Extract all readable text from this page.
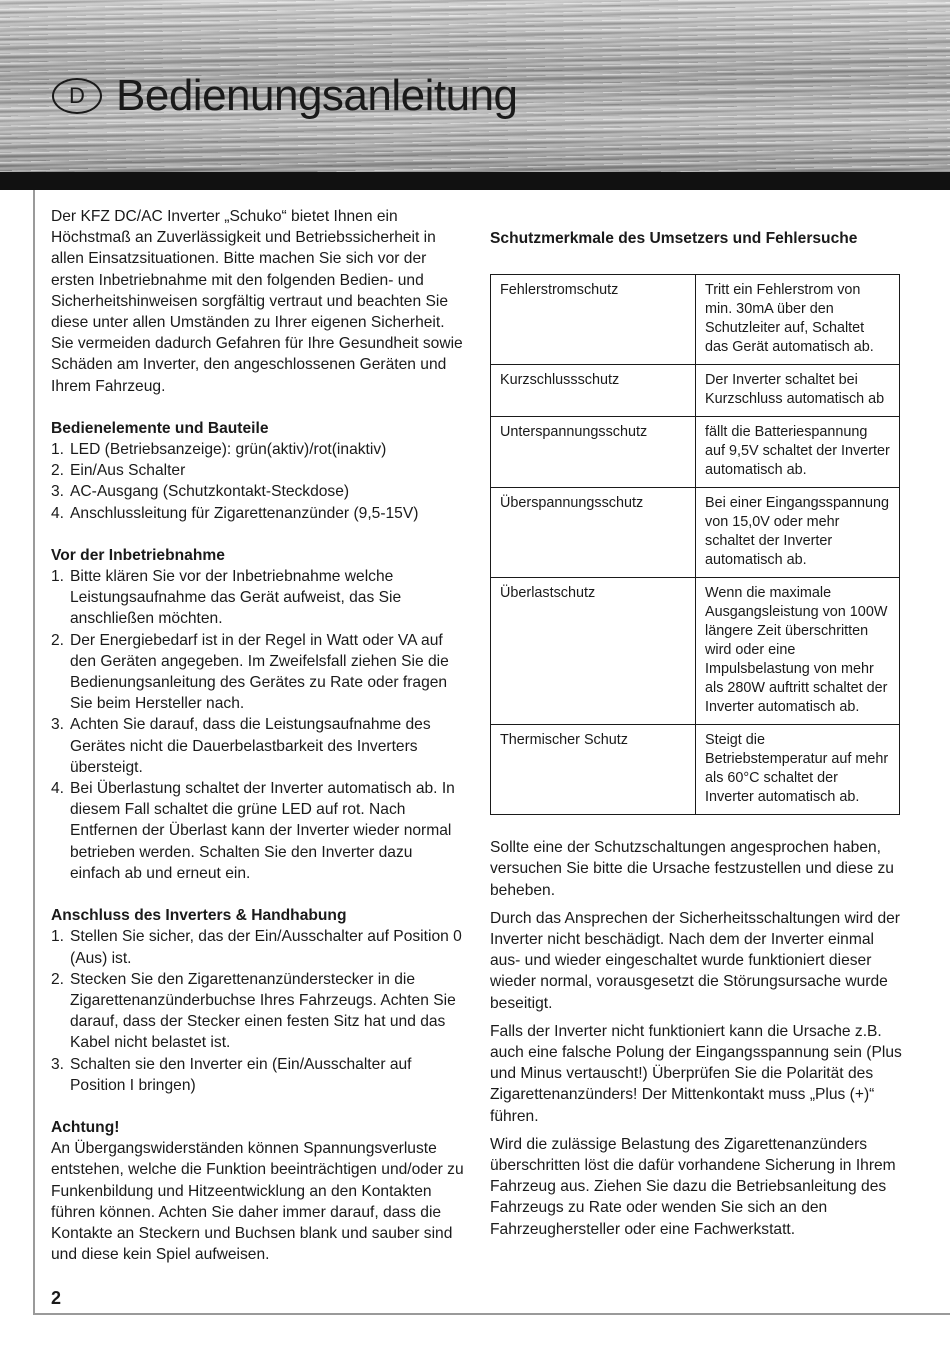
D Bedienungsanleitung

Der KFZ DC/AC Inverter „Schuko“ bietet Ihnen ein Höchstmaß an Zuverlässigkeit und Betriebssicherheit in allen Einsatzsituationen. Bitte machen Sie sich vor der ersten Inbetriebnahme mit den folgenden Bedien- und Sicherheitshinweisen sorgfältig vertraut und beachten Sie diese unter allen Umständen zu Ihrer eigenen Sicherheit. Sie vermeiden dadurch Gefahren für Ihre Gesundheit sowie Schäden am Inverter, den angeschlossenen Geräten und Ihrem Fahrzeug.

Bedienelemente und Bauteile
1. LED (Betriebsanzeige): grün(aktiv)/rot(inaktiv)
2. Ein/Aus Schalter
3. AC-Ausgang (Schutzkontakt-Steckdose)
4. Anschlussleitung für Zigarettenanzünder (9,5-15V)
Vor der Inbetriebnahme
1. Bitte klären Sie vor der Inbetriebnahme welche Leistungsaufnahme das Gerät aufweist, das Sie anschließen möchten.
2. Der Energiebedarf ist in der Regel in Watt oder VA auf den Geräten angegeben. Im Zweifelsfall ziehen Sie die Bedienungsanleitung des Gerätes zu Rate oder fragen Sie beim Hersteller nach.
3. Achten Sie darauf, dass die Leistungsaufnahme des Gerätes nicht die Dauerbelastbarkeit des Inverters übersteigt.
4. Bei Überlastung schaltet der Inverter automatisch ab. In diesem Fall schaltet die grüne LED auf rot. Nach Entfernen der Überlast kann der Inverter wieder normal betrieben werden. Schalten Sie den Inverter dazu einfach ab und erneut ein.
Anschluss des Inverters & Handhabung
1. Stellen Sie sicher, das der Ein/Ausschalter auf Position 0 (Aus) ist.
2. Stecken Sie den Zigarettenanzünderstecker in die Zigarettenanzünderbuchse Ihres Fahrzeugs. Achten Sie darauf, dass der Stecker einen festen Sitz hat und das Kabel nicht belastet ist.
3. Schalten sie den Inverter ein (Ein/Ausschalter auf Position I bringen)
Achtung!

An Übergangswiderständen können Spannungsverluste entstehen, welche die Funktion beeinträchtigen und/oder zu Funkenbildung und Hitzeentwicklung an den Kontakten führen können. Achten Sie daher immer darauf, dass die Kontakte an Steckern und Buchsen blank und sauber sind und diese kein Spiel aufweisen.

Schutzmerkmale des Umsetzers und Fehlersuche
Fehlerstromschutz	Tritt ein Fehlerstrom von min. 30mA über den Schutzleiter auf, Schaltet das Gerät automatisch ab.
Kurzschlussschutz	Der Inverter schaltet bei Kurzschluss automatisch ab
Unterspannungsschutz	fällt die Batteriespannung auf 9,5V schaltet der Inverter automatisch ab.
Überspannungsschutz	Bei einer Eingangsspannung von 15,0V oder mehr schaltet der Inverter automatisch ab.
Überlastschutz	Wenn die maximale Ausgangsleistung von 100W längere Zeit überschritten wird oder eine Impulsbelastung von mehr als 280W auftritt schaltet der Inverter automatisch ab.
Thermischer Schutz	Steigt die Betriebstemperatur auf mehr als 60°C schaltet der Inverter automatisch ab.

Sollte eine der Schutzschaltungen angesprochen haben, versuchen Sie bitte die Ursache festzustellen und diese zu beheben.

Durch das Ansprechen der Sicherheitsschaltungen wird der Inverter nicht beschädigt. Nach dem der Inverter einmal aus- und wieder eingeschaltet wurde funktioniert dieser wieder normal, vorausgesetzt die Störungsursache wurde beseitigt.

Falls der Inverter nicht funktioniert kann die Ursache z.B. auch eine falsche Polung der Eingangsspannung sein (Plus und Minus vertauscht!) Überprüfen Sie die Polarität des Zigarettenanzünders! Der Mittenkontakt muss „Plus (+)“ führen.

Wird die zulässige Belastung des Zigarettenanzünders überschritten löst die dafür vorhandene Sicherung in Ihrem Fahrzeug aus. Ziehen Sie dazu die Betriebsanleitung des Fahrzeugs zu Rate oder wenden Sie sich an den Fahrzeughersteller oder eine Fachwerkstatt.

2
